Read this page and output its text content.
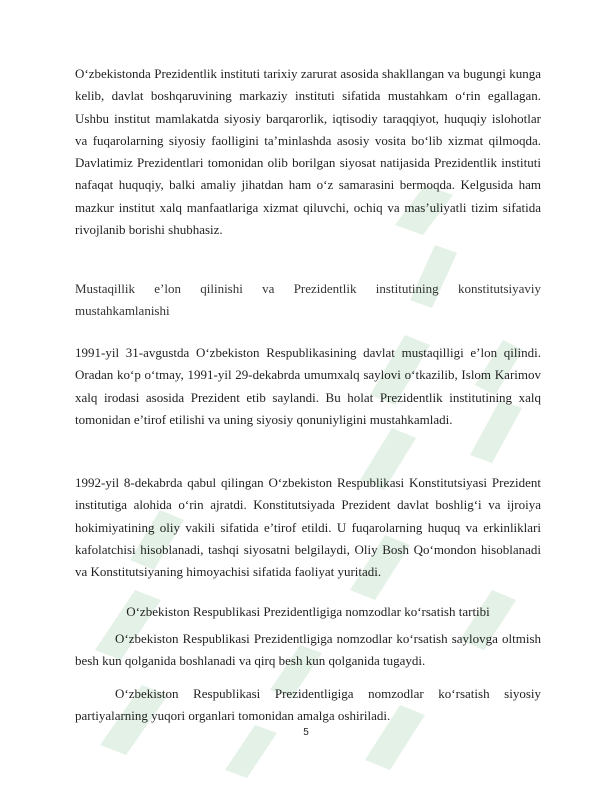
O‘zbekistonda Prezidentlik instituti tarixiy zarurat asosida shakllangan va bugungi kunga kelib, davlat boshqaruvining markaziy instituti sifatida mustahkam o‘rin egallagan. Ushbu institut mamlakatda siyosiy barqarorlik, iqtisodiy taraqqiyot, huquqiy islohotlar va fuqarolarning siyosiy faolligini ta’minlashda asosiy vosita bo‘lib xizmat qilmoqda. Davlatimiz Prezidentlari tomonidan olib borilgan siyosat natijasida Prezidentlik instituti nafaqat huquqiy, balki amaliy jihatdan ham o‘z samarasini bermoqda. Kelgusida ham mazkur institut xalq manfaatlariga xizmat qiluvchi, ochiq va mas’uliyatli tizim sifatida rivojlanib borishi shubhasiz.

Mustaqillik e’lon qilinishi va Prezidentlik institutining konstitutsiyaviy mustahkamlanishi

1991-yil 31-avgustda O‘zbekiston Respublikasining davlat mustaqilligi e’lon qilindi. Oradan ko‘p o‘tmay, 1991-yil 29-dekabrda umumxalq saylovi o‘tkazilib, Islom Karimov xalq irodasi asosida Prezident etib saylandi. Bu holat Prezidentlik institutining xalq tomonidan e’tirof etilishi va uning siyosiy qonuniyligini mustahkamladi.

1992-yil 8-dekabrda qabul qilingan O‘zbekiston Respublikasi Konstitutsiyasi Prezident institutiga alohida o‘rin ajratdi. Konstitutsiyada Prezident davlat boshlig‘i va ijroiya hokimiyatining oliy vakili sifatida e’tirof etildi. U fuqarolarning huquq va erkinliklari kafolatchisi hisoblanadi, tashqi siyosatni belgilaydi, Oliy Bosh Qo‘mondon hisoblanadi va Konstitutsiyaning himoyachisi sifatida faoliyat yuritadi.

O‘zbekiston Respublikasi Prezidentligiga nomzodlar ko‘rsatish tartibi

O‘zbekiston Respublikasi Prezidentligiga nomzodlar ko‘rsatish saylovga oltmish besh kun qolganida boshlanadi va qirq besh kun qolganida tugaydi.

O‘zbekiston Respublikasi Prezidentligiga nomzodlar ko‘rsatish siyosiy partiyalarning yuqori organlari tomonidan amalga oshiriladi.

5
